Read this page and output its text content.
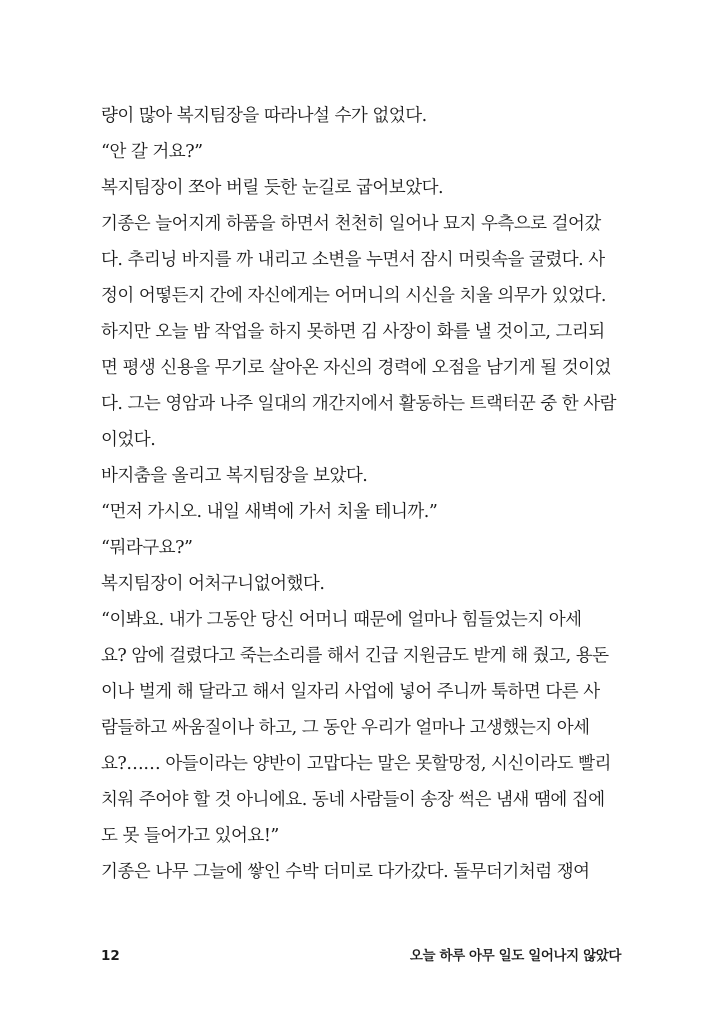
량이 많아 복지팀장을 따라나설 수가 없었다.
“안 갈 거요?”
복지팀장이 쪼아 버릴 듯한 눈길로 굽어보았다.
기종은 늘어지게 하품을 하면서 천천히 일어나 묘지 우측으로 걸어갔
다. 추리닝 바지를 까 내리고 소변을 누면서 잠시 머릿속을 굴렸다. 사
정이 어떻든지 간에 자신에게는 어머니의 시신을 치울 의무가 있었다.
하지만 오늘 밤 작업을 하지 못하면 김 사장이 화를 낼 것이고, 그리되
면 평생 신용을 무기로 살아온 자신의 경력에 오점을 남기게 될 것이었
다. 그는 영암과 나주 일대의 개간지에서 활동하는 트랙터꾼 중 한 사람
이었다.
바지춤을 올리고 복지팀장을 보았다.
“먼저 가시오. 내일 새벽에 가서 치울 테니까.”
“뭐라구요?”
복지팀장이 어처구니없어했다.
“이봐요. 내가 그동안 당신 어머니 때문에 얼마나 힘들었는지 아세
요? 암에 걸렸다고 죽는소리를 해서 긴급 지원금도 받게 해 줬고, 용돈
이나 벌게 해 달라고 해서 일자리 사업에 넣어 주니까 툭하면 다른 사
람들하고 싸움질이나 하고, 그 동안 우리가 얼마나 고생했는지 아세
요?…… 아들이라는 양반이 고맙다는 말은 못할망정, 시신이라도 빨리
치워 주어야 할 것 아니에요. 동네 사람들이 송장 썩은 냄새 땜에 집에
도 못 들어가고 있어요!”
기종은 나무 그늘에 쌓인 수박 더미로 다가갔다. 돌무더기처럼 쟁여
12	오늘 하루 아무 일도 일어나지 않았다
